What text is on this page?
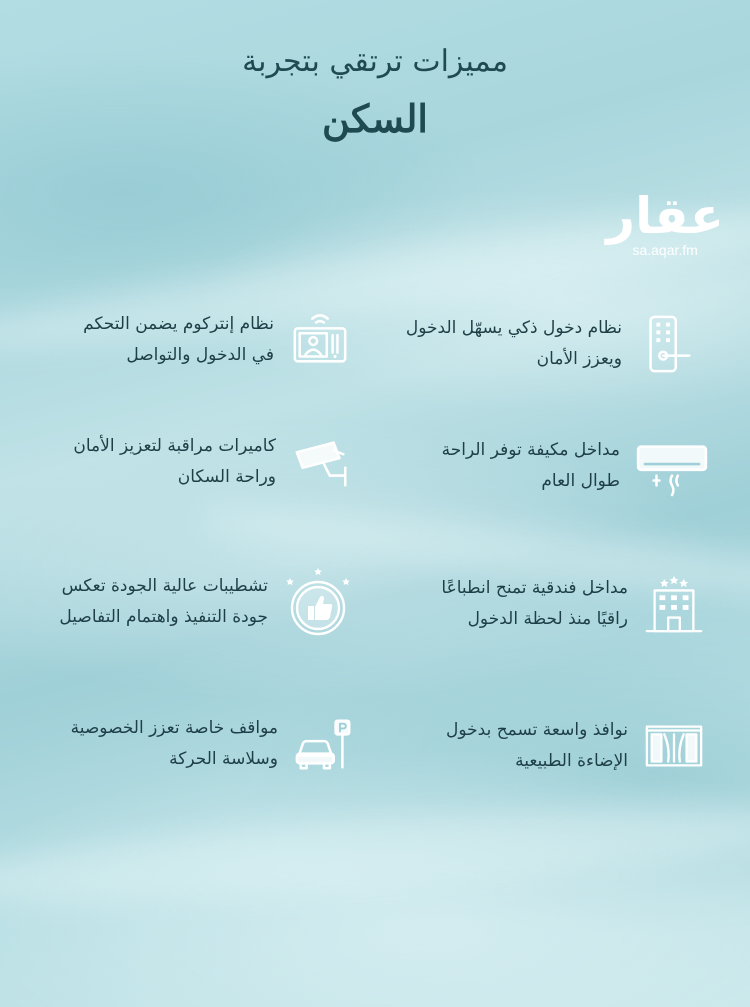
مميزات ترتقي بتجربة
السكن
عقار
sa.aqar.fm
نظام دخول ذكي يسهّل الدخول
ويعزز الأمان
نظام إنتركوم يضمن التحكم
في الدخول والتواصل
مداخل مكيفة توفر الراحة
طوال العام
كاميرات مراقبة لتعزيز الأمان
وراحة السكان
مداخل فندقية تمنح انطباعًا
راقيًا منذ لحظة الدخول
تشطيبات عالية الجودة تعكس
جودة التنفيذ واهتمام التفاصيل
نوافذ واسعة تسمح بدخول
الإضاءة الطبيعية
مواقف خاصة تعزز الخصوصية
وسلاسة الحركة
